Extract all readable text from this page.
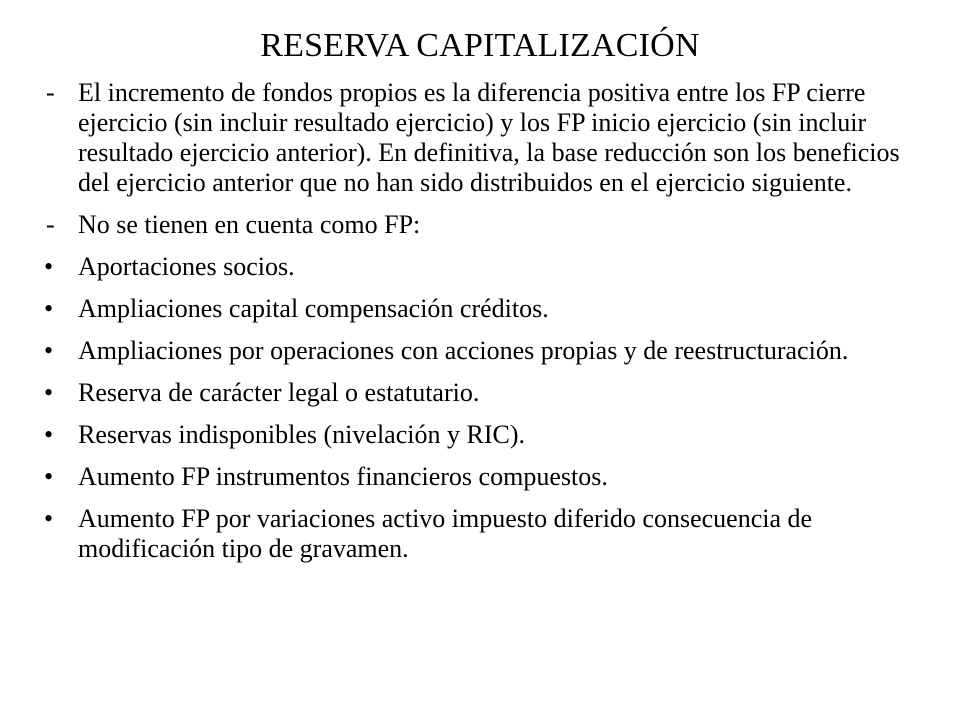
RESERVA CAPITALIZACIÓN
- El incremento de fondos propios es la diferencia positiva entre los FP cierre ejercicio (sin incluir resultado ejercicio) y los FP inicio ejercicio (sin incluir resultado ejercicio anterior). En definitiva, la base reducción son los beneficios del ejercicio anterior que no han sido distribuidos en el ejercicio siguiente.
- No se tienen en cuenta como FP:
• Aportaciones socios.
• Ampliaciones capital compensación créditos.
• Ampliaciones por operaciones con acciones propias y de reestructuración.
• Reserva de carácter legal o estatutario.
• Reservas indisponibles (nivelación y RIC).
• Aumento FP instrumentos financieros compuestos.
• Aumento FP por variaciones activo impuesto diferido consecuencia de modificación tipo de gravamen.
